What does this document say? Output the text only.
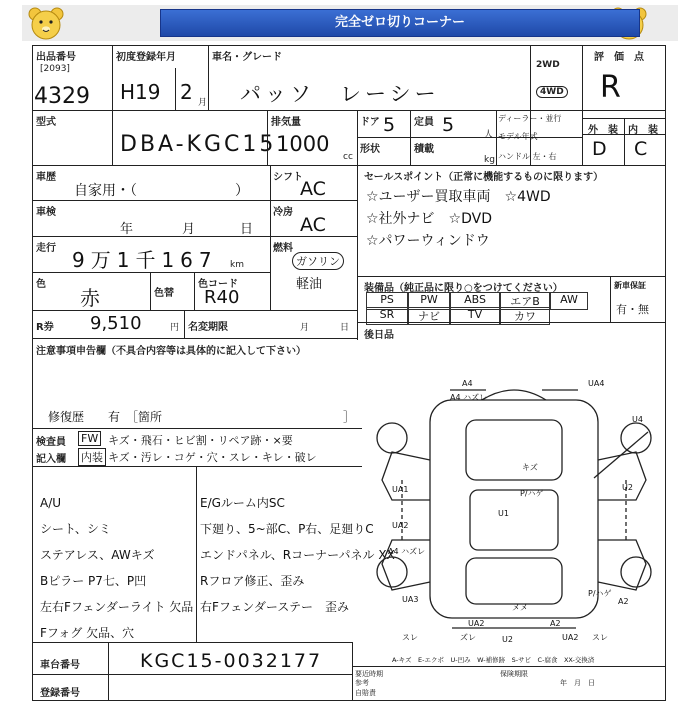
完全ゼロ切りコーナー
出品番号
[2093]
4329
初度登録年月
H19 2 月
車名・グレード
パッソ　レーシー
2WD
4WD
評　価　点
R
型式
DBA-KGC15
排気量
1000
cc
ドア 5 定員 5	人
ディーラー・並行
モデル年式
ハンドル 左・右
形状	積載
kg
外　装 内　装
D C
車歴
自家用・（　　　　　　　）
車検
年	月	日
走行 9万1千167 km
色
赤	色替
色コード
R40
R券 9,510	円 名変期限	月	日
シフト
AC
冷房
AC
燃料
ガソリン
軽油
セールスポイント（正常に機能するものに限ります）
☆ユーザー買取車両　☆4WD
☆社外ナビ　☆DVD
☆パワーウィンドウ
装備品（純正品に限り○をつけてください）
PS	PW	ABS	エアB	AW
SR	ナビ	TV	カワ
新車保証
有・無
後日品
注意事項申告欄（不具合内容等は具体的に記入して下さい）
修復歴　　有　［箇所	］
検査員 FW キズ・飛石・ヒビ割・リペア跡・×要
記入欄 内装 キズ・汚レ・コゲ・穴・スレ・キレ・破レ
A/U
シート、シミ
ステアレス、AWキズ
Bピラー P7七、P凹
左右Fフェンダーライト 欠品
Fフォグ 欠品、穴
E/Gルーム内SC
下廻り、5~部C、P右、足廻りC
エンドパネル、Rコーナーパネル XX
Rフロア修正、歪み
右Fフェンダーステー　歪み
車台番号	KGC15-0032177
登録番号
A-キズ　E-エクボ　U-凹み　W-補修跡　S-サビ　C-腐食　XX-交換済
要近時期	保険期限
参考	年　月　日
自賠責
A4	UA4
A4 ハズレ
U4
UA1
UA2
A4 ハズレ
UA3
U2
A2
キズ
P/ハゲ
U1
P/ハゲ
メメ
UA2
スレ	ズレ	U2
A2
UA2 スレ
